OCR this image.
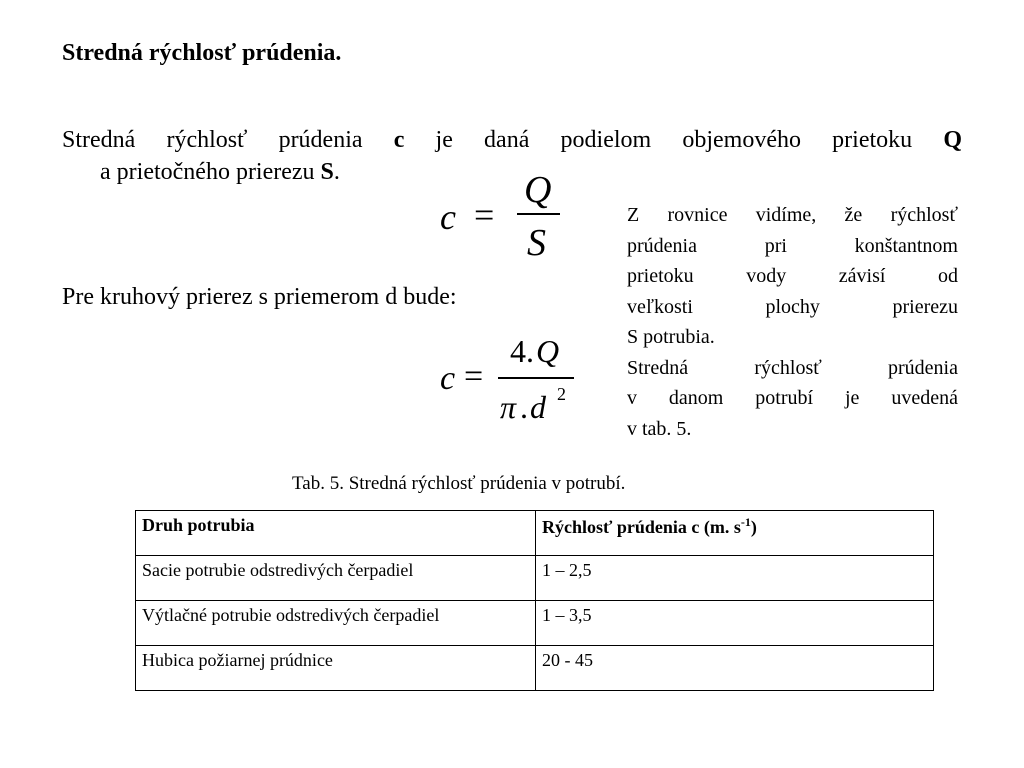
Stredná rýchlosť prúdenia.
Stredná rýchlosť prúdenia c je daná podielom objemového prietoku Q
a prietočného prierezu S.
c =
Q
S
Pre kruhový prierez s priemerom d bude:
c =
4. Q
π . d 2
Z rovnice vidíme, že rýchlosť
prúdenia pri konštantnom
prietoku vody závisí od
veľkosti plochy prierezu
S potrubia.
Stredná rýchlosť prúdenia
v danom potrubí je uvedená
v tab. 5.
Tab. 5. Stredná rýchlosť prúdenia v potrubí.
Druh potrubia	Rýchlosť prúdenia c (m. $s^{-1}$)
Sacie potrubie odstredivých čerpadiel	1 – 2,5
Výtlačné potrubie odstredivých čerpadiel	1 – 3,5
Hubica požiarnej prúdnice	20 - 45
